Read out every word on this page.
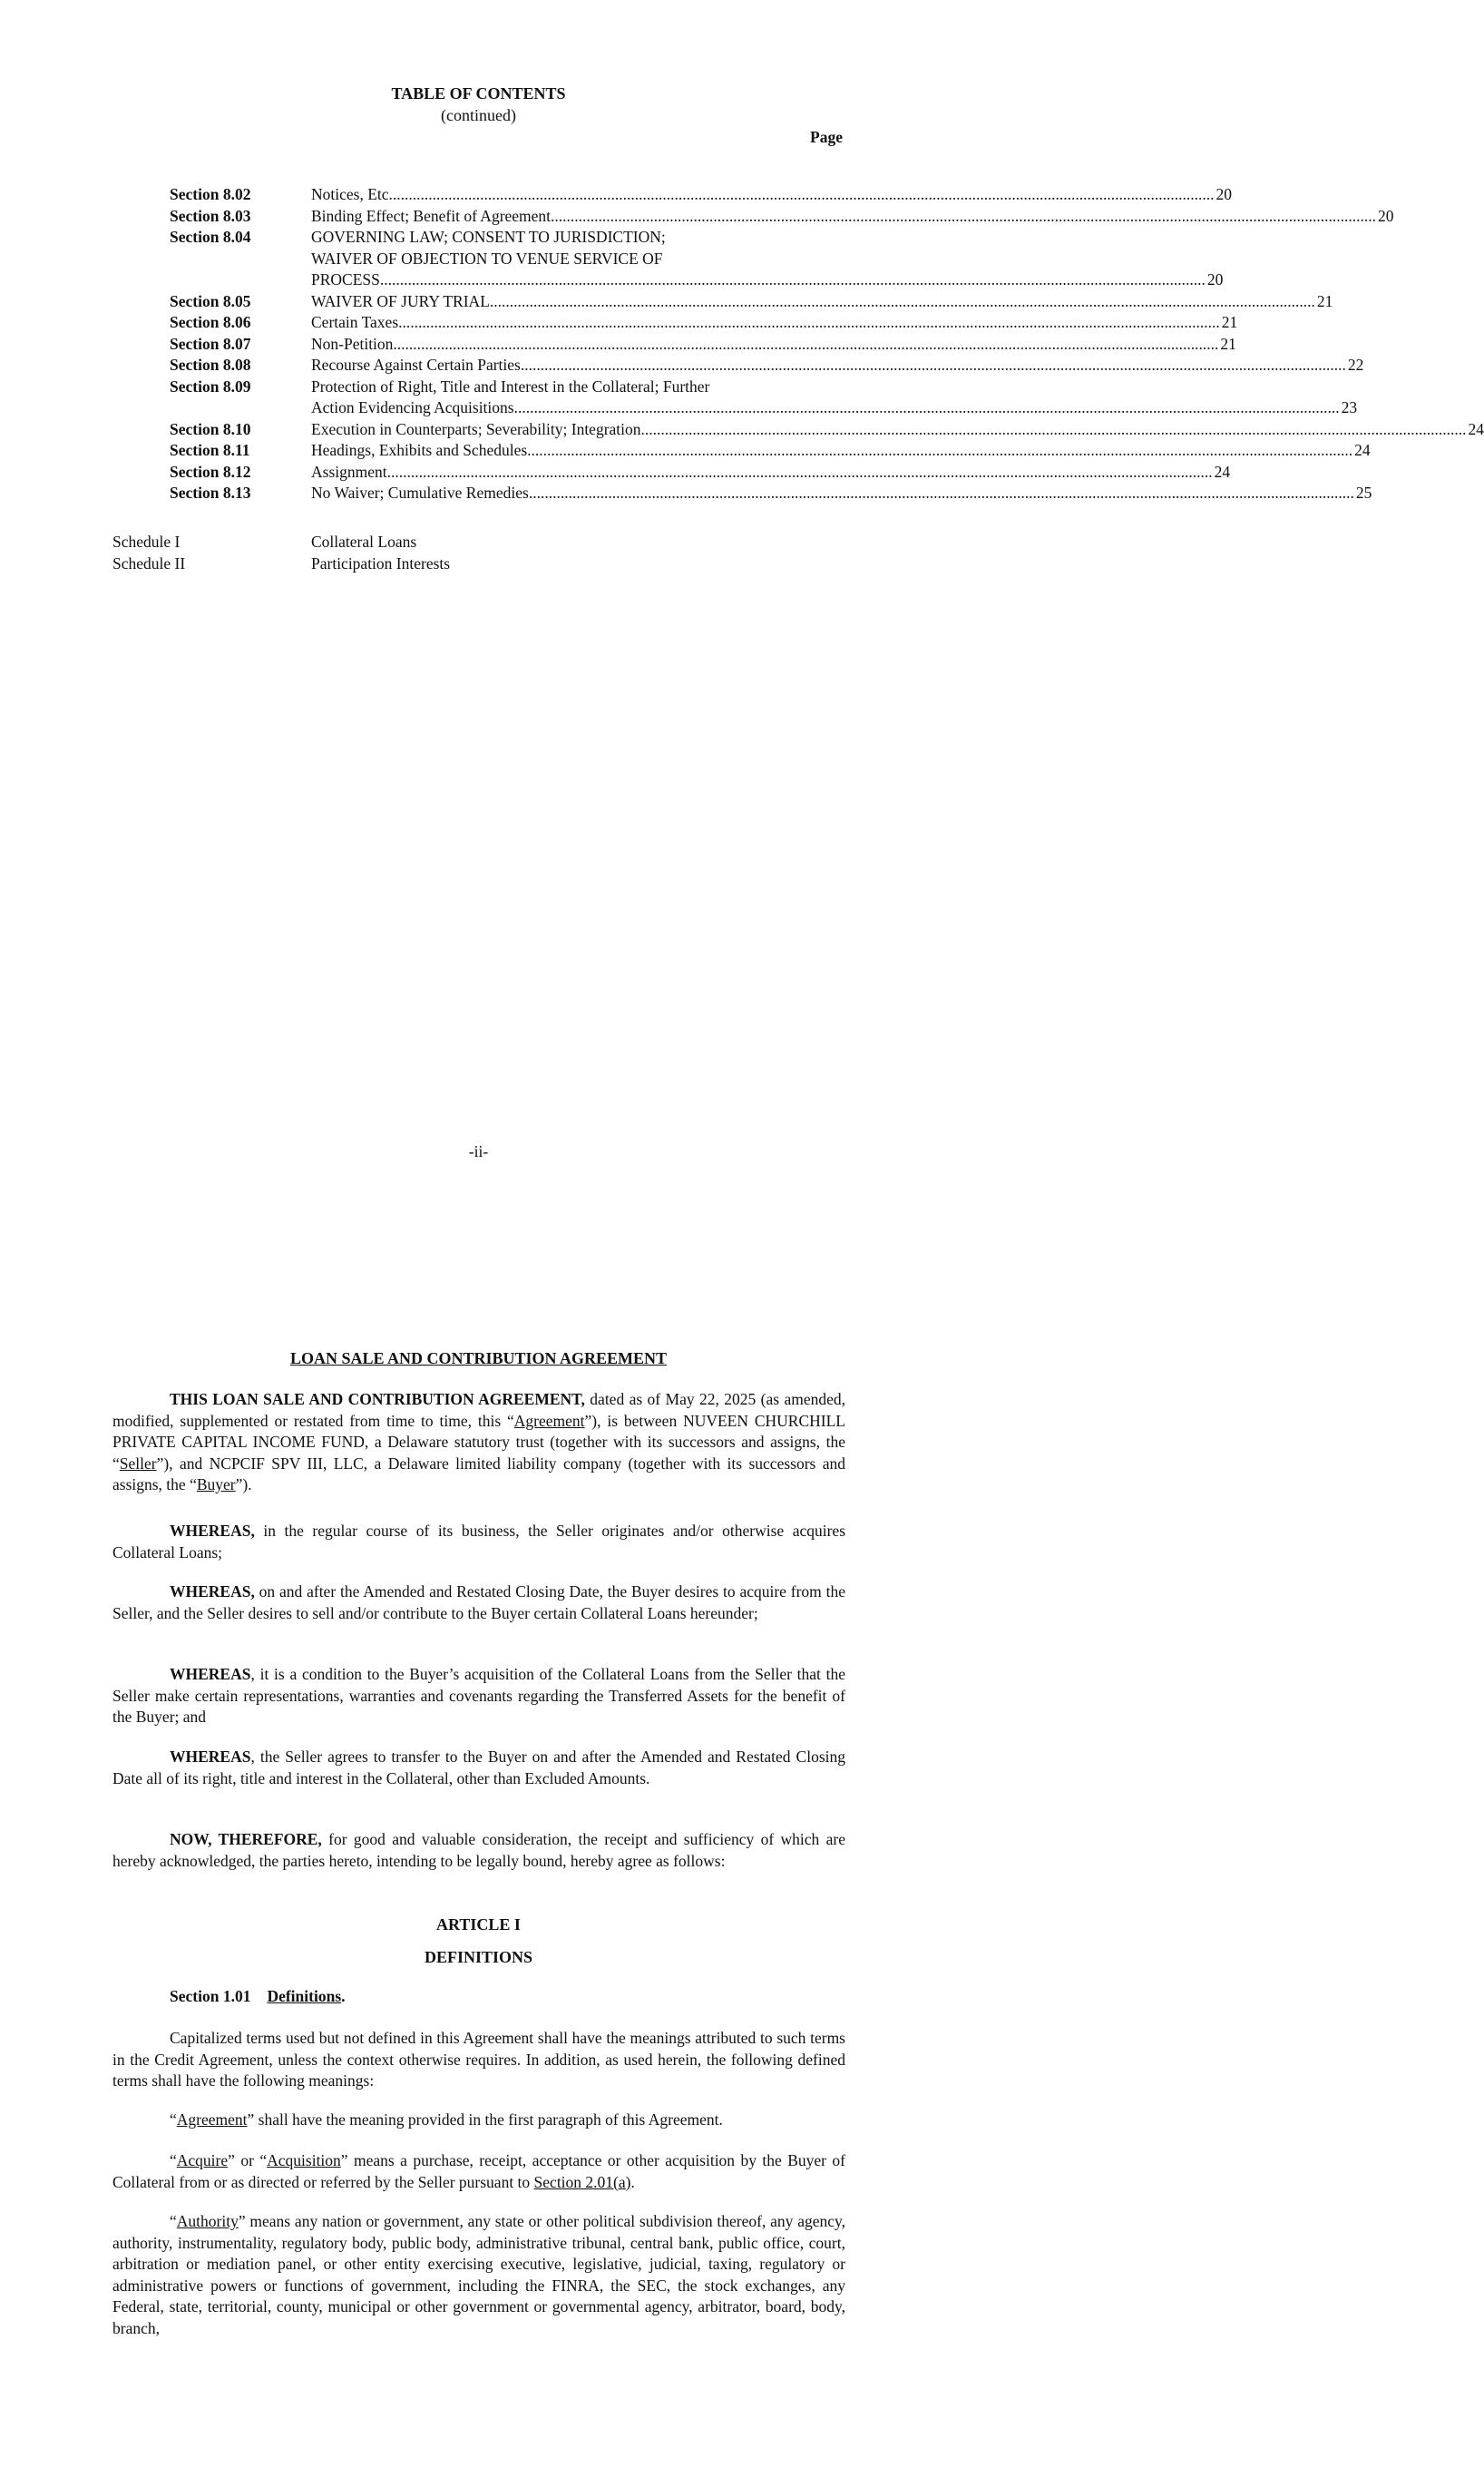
TABLE OF CONTENTS
(continued)
Page
Section 8.02	Notices, Etc. .....	20
Section 8.03	Binding Effect; Benefit of Agreement. .....	20
Section 8.04	GOVERNING LAW; CONSENT TO JURISDICTION;
WAIVER OF OBJECTION TO VENUE SERVICE OF
PROCESS. .....	20
Section 8.05	WAIVER OF JURY TRIAL. .....	21
Section 8.06	Certain Taxes .....	21
Section 8.07	Non-Petition. .....	21
Section 8.08	Recourse Against Certain Parties. .....	22
Section 8.09	Protection of Right, Title and Interest in the Collateral; Further
Action Evidencing Acquisitions. .....	23
Section 8.10	Execution in Counterparts; Severability; Integration. .....	24
Section 8.11	Headings, Exhibits and Schedules. .....	24
Section 8.12	Assignment. .....	24
Section 8.13	No Waiver; Cumulative Remedies. .....	25
Schedule I	Collateral Loans
Schedule II	Participation Interests
-ii-
LOAN SALE AND CONTRIBUTION AGREEMENT
THIS LOAN SALE AND CONTRIBUTION AGREEMENT, dated as of May 22, 2025 (as amended, modified, supplemented or restated from time to time, this “Agreement”), is between NUVEEN CHURCHILL PRIVATE CAPITAL INCOME FUND, a Delaware statutory trust (together with its successors and assigns, the “Seller”), and NCPCIF SPV III, LLC, a Delaware limited liability company (together with its successors and assigns, the “Buyer”).
WHEREAS, in the regular course of its business, the Seller originates and/or otherwise acquires Collateral Loans;
WHEREAS, on and after the Amended and Restated Closing Date, the Buyer desires to acquire from the Seller, and the Seller desires to sell and/or contribute to the Buyer certain Collateral Loans hereunder;
WHEREAS, it is a condition to the Buyer’s acquisition of the Collateral Loans from the Seller that the Seller make certain representations, warranties and covenants regarding the Transferred Assets for the benefit of the Buyer; and
WHEREAS, the Seller agrees to transfer to the Buyer on and after the Amended and Restated Closing Date all of its right, title and interest in the Collateral, other than Excluded Amounts.
NOW, THEREFORE, for good and valuable consideration, the receipt and sufficiency of which are hereby acknowledged, the parties hereto, intending to be legally bound, hereby agree as follows:
ARTICLE I
DEFINITIONS
Section 1.01 Definitions.
Capitalized terms used but not defined in this Agreement shall have the meanings attributed to such terms in the Credit Agreement, unless the context otherwise requires. In addition, as used herein, the following defined terms shall have the following meanings:
“Agreement” shall have the meaning provided in the first paragraph of this Agreement.
“Acquire” or “Acquisition” means a purchase, receipt, acceptance or other acquisition by the Buyer of Collateral from or as directed or referred by the Seller pursuant to Section 2.01(a).
“Authority” means any nation or government, any state or other political subdivision thereof, any agency, authority, instrumentality, regulatory body, public body, administrative tribunal, central bank, public office, court, arbitration or mediation panel, or other entity exercising executive, legislative, judicial, taxing, regulatory or administrative powers or functions of government, including the FINRA, the SEC, the stock exchanges, any Federal, state, territorial, county, municipal or other government or governmental agency, arbitrator, board, body, branch,
